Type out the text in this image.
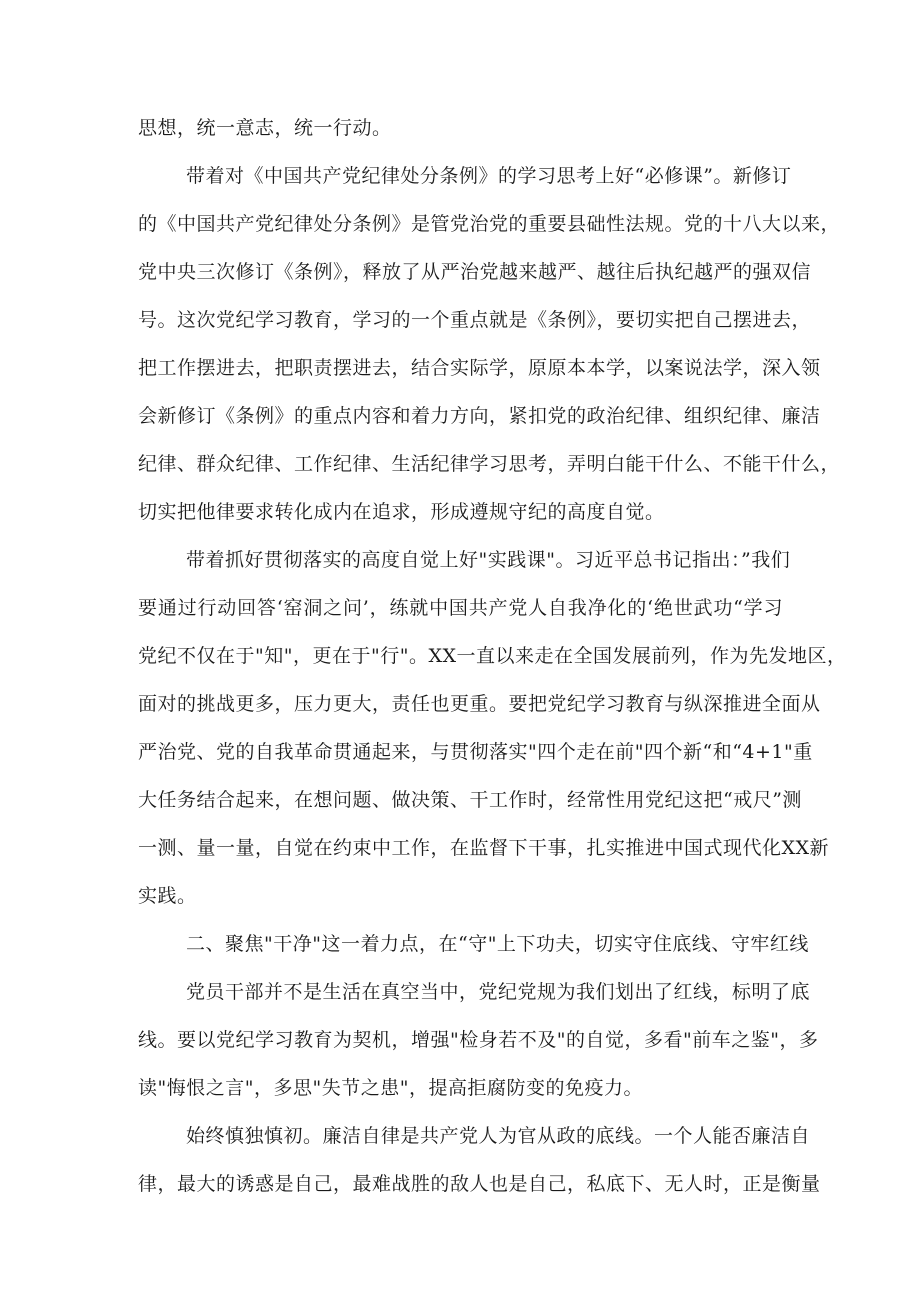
思想，统一意志，统一行动。
带着对《中国共产党纪律处分条例》的学习思考上好“必修课”。新修订
的《中国共产党纪律处分条例》是管党治党的重要县础性法规。党的十八大以来，
党中央三次修订《条例》，释放了从严治党越来越严、越往后执纪越严的强双信
号。这次党纪学习教育，学习的一个重点就是《条例》，要切实把自己摆进去，
把工作摆进去，把职责摆进去，结合实际学，原原本本学，以案说法学，深入领
会新修订《条例》的重点内容和着力方向，紧扣党的政治纪律、组织纪律、廉洁
纪律、群众纪律、工作纪律、生活纪律学习思考，弄明白能干什么、不能干什么，
切实把他律要求转化成内在追求，形成遵规守纪的高度自觉。
带着抓好贯彻落实的高度自觉上好"实践课"。习近平总书记指出：”我们
要通过行动回答‘窑洞之问’，练就中国共产党人自我净化的‘绝世武功“学习
党纪不仅在于"知"，更在于"行"。XX一直以来走在全国发展前列，作为先发地区，
面对的挑战更多，压力更大，责任也更重。要把党纪学习教育与纵深推进全面从
严治党、党的自我革命贯通起来，与贯彻落实"四个走在前"四个新“和“4+1"重
大任务结合起来，在想问题、做决策、干工作时，经常性用党纪这把“戒尺”测
一测、量一量，自觉在约束中工作，在监督下干事，扎实推进中国式现代化XX新
实践。
二、聚焦"干净"这一着力点，在“守"上下功夫，切实守住底线、守牢红线
党员干部并不是生活在真空当中，党纪党规为我们划出了红线，标明了底
线。要以党纪学习教育为契机，增强"检身若不及"的自觉，多看"前车之鉴"，多
读"悔恨之言"，多思"失节之患"，提高拒腐防变的免疫力。
始终慎独慎初。廉洁自律是共产党人为官从政的底线。一个人能否廉洁自
律，最大的诱惑是自己，最难战胜的敌人也是自己，私底下、无人时，正是衡量
